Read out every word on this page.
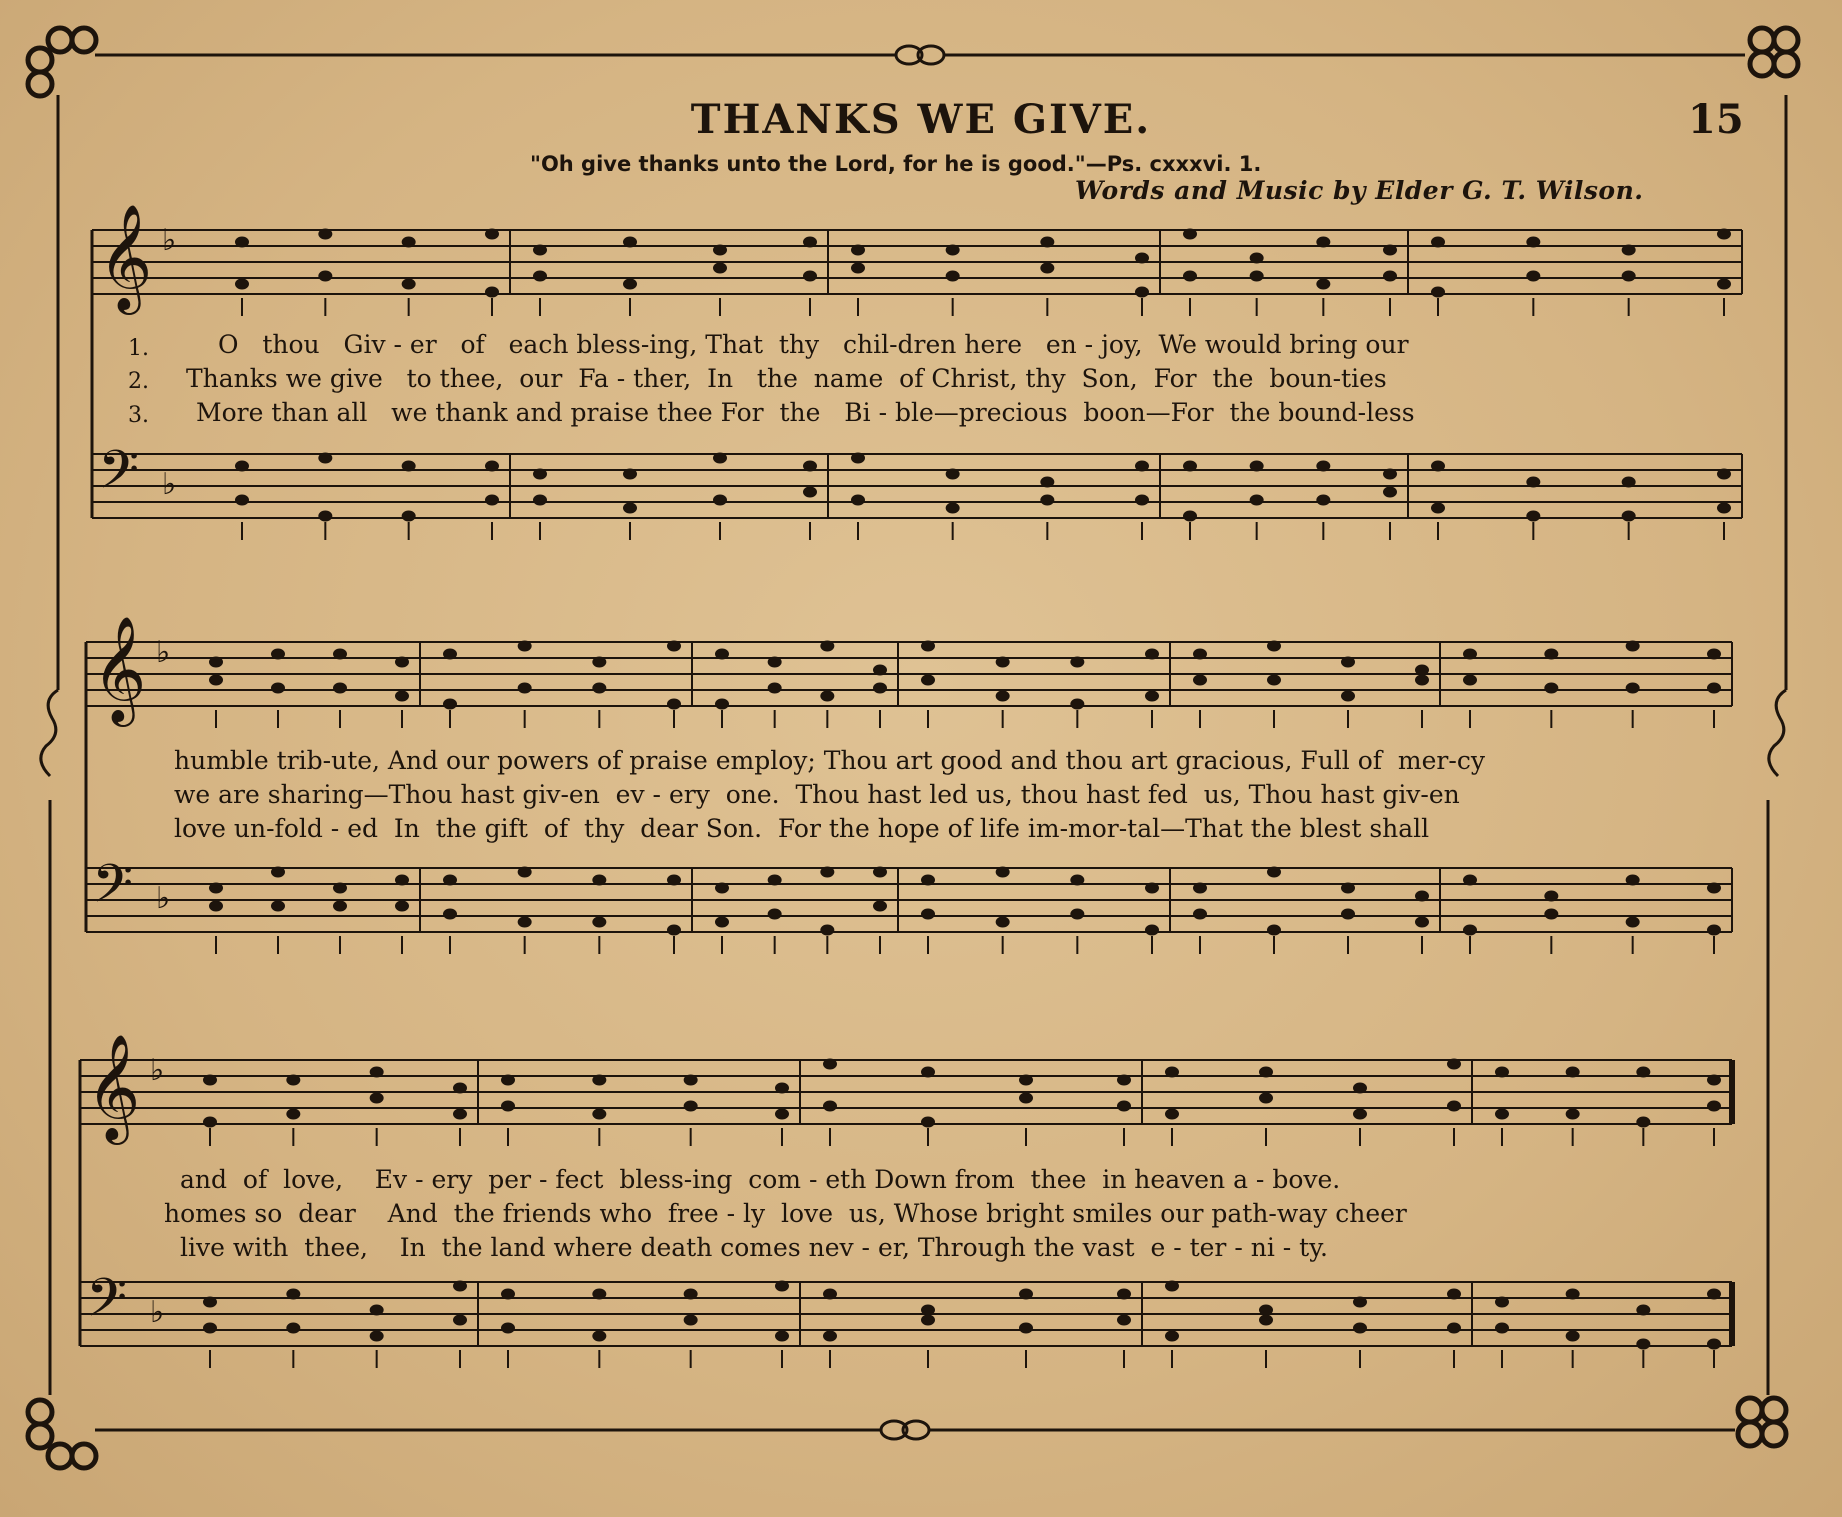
𝄞 ♭
𝄢 ♭
𝄞 ♭
𝄢 ♭
𝄞 ♭
𝄢 ♭
THANKS WE GIVE.	15
"Oh give thanks unto the Lord, for he is good."—Ps. cxxxvi. 1.
Words and Music by Elder G. T. Wilson.
1.
2.
3.
O   thou   Giv - er   of   each bless-ing, That  thy   chil-dren here   en - joy,  We would bring our
Thanks we give   to thee,  our  Fa - ther,  In   the  name  of Christ, thy  Son,  For  the  boun-ties
More than all   we thank and praise thee For  the   Bi - ble—precious  boon—For  the bound-less
humble trib-ute, And our powers of praise employ; Thou art good and thou art gracious, Full of  mer-cy
we are sharing—Thou hast giv-en  ev - ery  one.  Thou hast led us, thou hast fed  us, Thou hast giv-en
love un-fold - ed  In  the gift  of  thy  dear Son.  For the hope of life im-mor-tal—That the blest shall
and  of  love,    Ev - ery  per - fect  bless-ing  com - eth Down from  thee  in heaven a - bove.
homes so  dear    And  the friends who  free - ly  love  us, Whose bright smiles our path-way cheer
live with  thee,    In  the land where death comes nev - er, Through the vast  e - ter - ni - ty.
